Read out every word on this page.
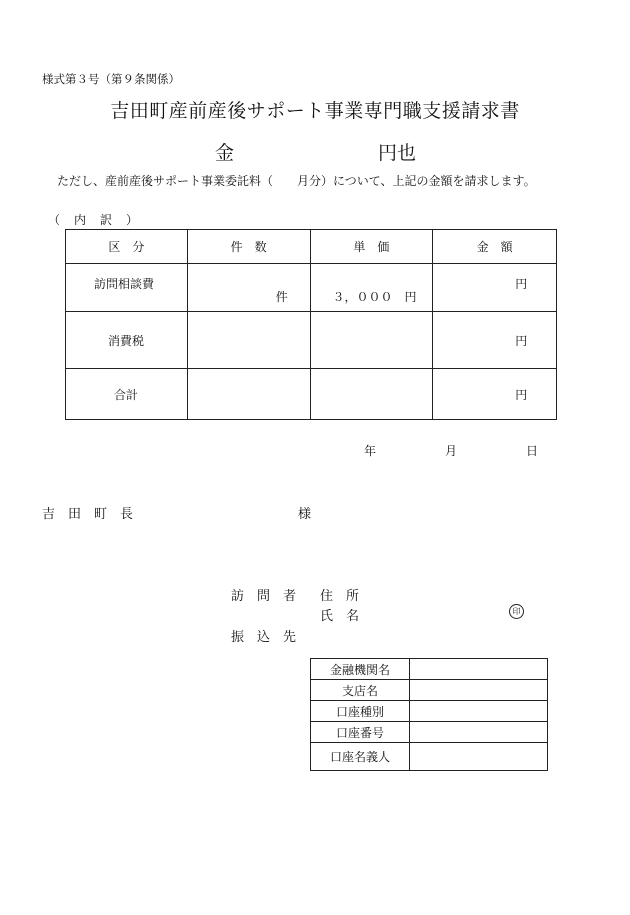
様式第３号（第９条関係）
吉田町産前産後サポート事業専門職支援請求書
金	円也
ただし、産前産後サポート事業委託料（　　月分）について、上記の金額を請求します。
（　内　訳　）
区　分	件　数	単　価	金　額

訪問相談費	件	３，０００　円	円

消費税			円

合計			円
年	月	日
吉　田　町　長	様
訪　問　者 住　所
氏　名	印
振　込　先
金融機関名	
支店名	
口座種別	
口座番号	
口座名義人	
